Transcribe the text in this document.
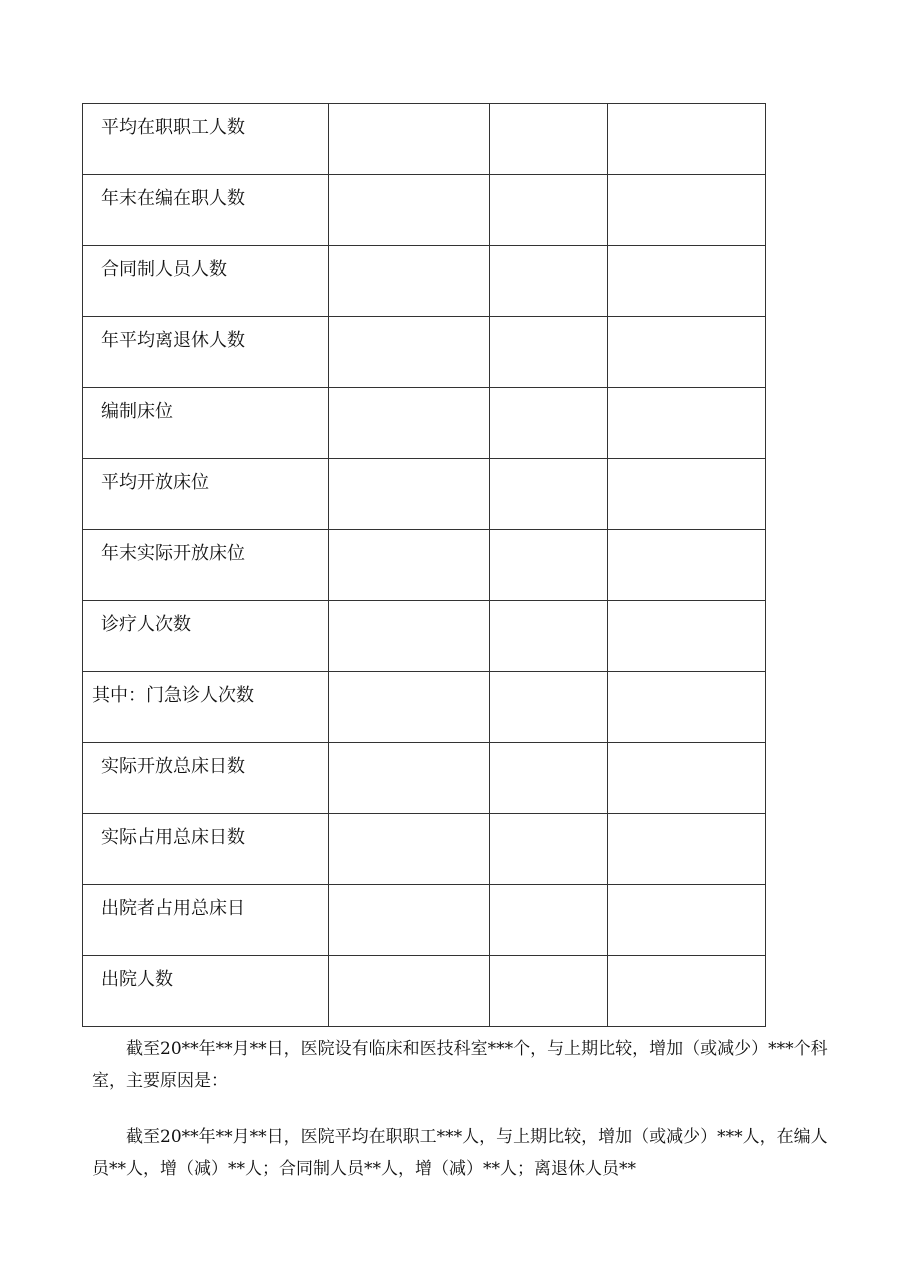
平均在职职工人数			

年末在编在职人数			

合同制人员人数			

年平均离退休人数			

编制床位			

平均开放床位			

年末实际开放床位			

诊疗人次数			

其中：门急诊人次数			

实际开放总床日数			

实际占用总床日数			

出院者占用总床日			

出院人数			

截至20**年**月**日，医院设有临床和医技科室***个，与上期比较，增加（或减少）***个科室，主要原因是：

截至20**年**月**日，医院平均在职职工***人，与上期比较，增加（或减少）***人，在编人员**人，增（减）**人；合同制人员**人，增（减）**人；离退休人员**
